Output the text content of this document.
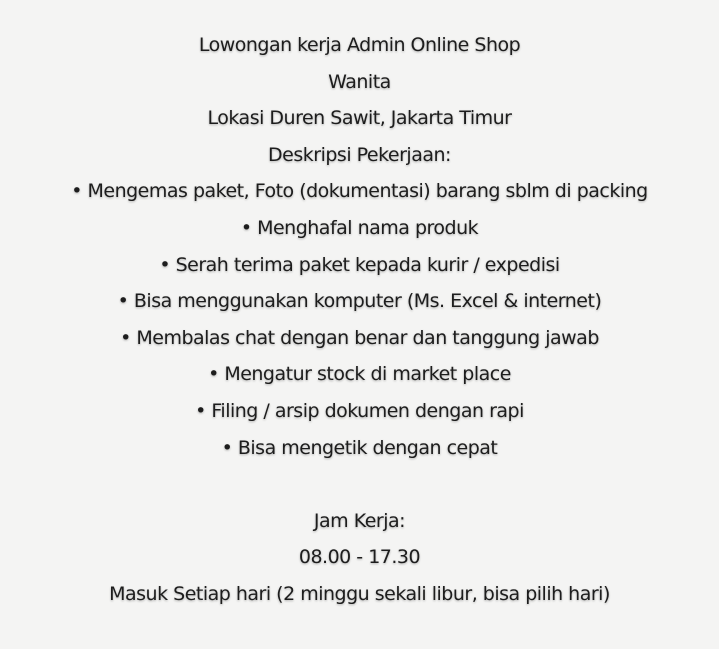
Lowongan kerja Admin Online Shop
Wanita
Lokasi Duren Sawit, Jakarta Timur
Deskripsi Pekerjaan:
• Mengemas paket, Foto (dokumentasi) barang sblm di packing
• Menghafal nama produk
• Serah terima paket kepada kurir / expedisi
• Bisa menggunakan komputer (Ms. Excel & internet)
• Membalas chat dengan benar dan tanggung jawab
• Mengatur stock di market place
• Filing / arsip dokumen dengan rapi
• Bisa mengetik dengan cepat
Jam Kerja:
08.00 - 17.30
Masuk Setiap hari (2 minggu sekali libur, bisa pilih hari)
